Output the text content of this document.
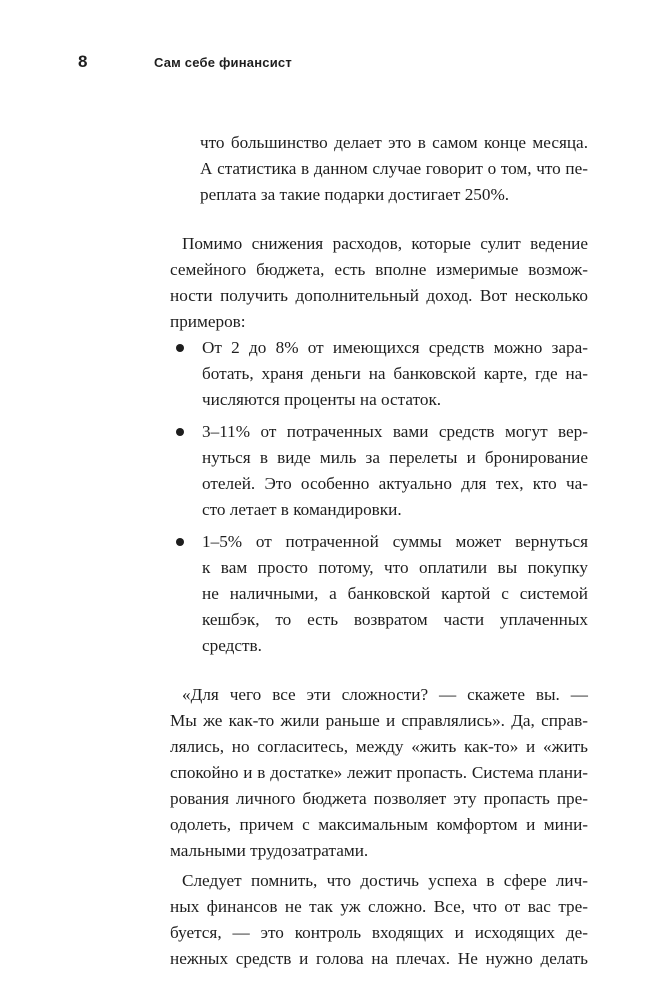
8	Сам себе финансист

что большинство делает это в самом конце месяца.
А статистика в данном случае говорит о том, что пе-
реплата за такие подарки достигает 250%.

Помимо снижения расходов, которые сулит ведение
семейного бюджета, есть вполне измеримые возмож-
ности получить дополнительный доход. Вот несколько
примеров:

От 2 до 8% от имеющихся средств можно зара-
ботать, храня деньги на банковской карте, где на-
числяются проценты на остаток.
3–11% от потраченных вами средств могут вер-
нуться в виде миль за перелеты и бронирование
отелей. Это особенно актуально для тех, кто ча-
сто летает в командировки.
1–5% от потраченной суммы может вернуться
к вам просто потому, что оплатили вы покупку
не наличными, а банковской картой с системой
кешбэк, то есть возвратом части уплаченных
средств.

«Для чего все эти сложности? — скажете вы. —
Мы же как-то жили раньше и справлялись». Да, справ-
лялись, но согласитесь, между «жить как-то» и «жить
спокойно и в достатке» лежит пропасть. Система плани-
рования личного бюджета позволяет эту пропасть пре-
одолеть, причем с максимальным комфортом и мини-
мальными трудозатратами.

Следует помнить, что достичь успеха в сфере лич-
ных финансов не так уж сложно. Все, что от вас тре-
буется, — это контроль входящих и исходящих де-
нежных средств и голова на плечах. Не нужно делать
